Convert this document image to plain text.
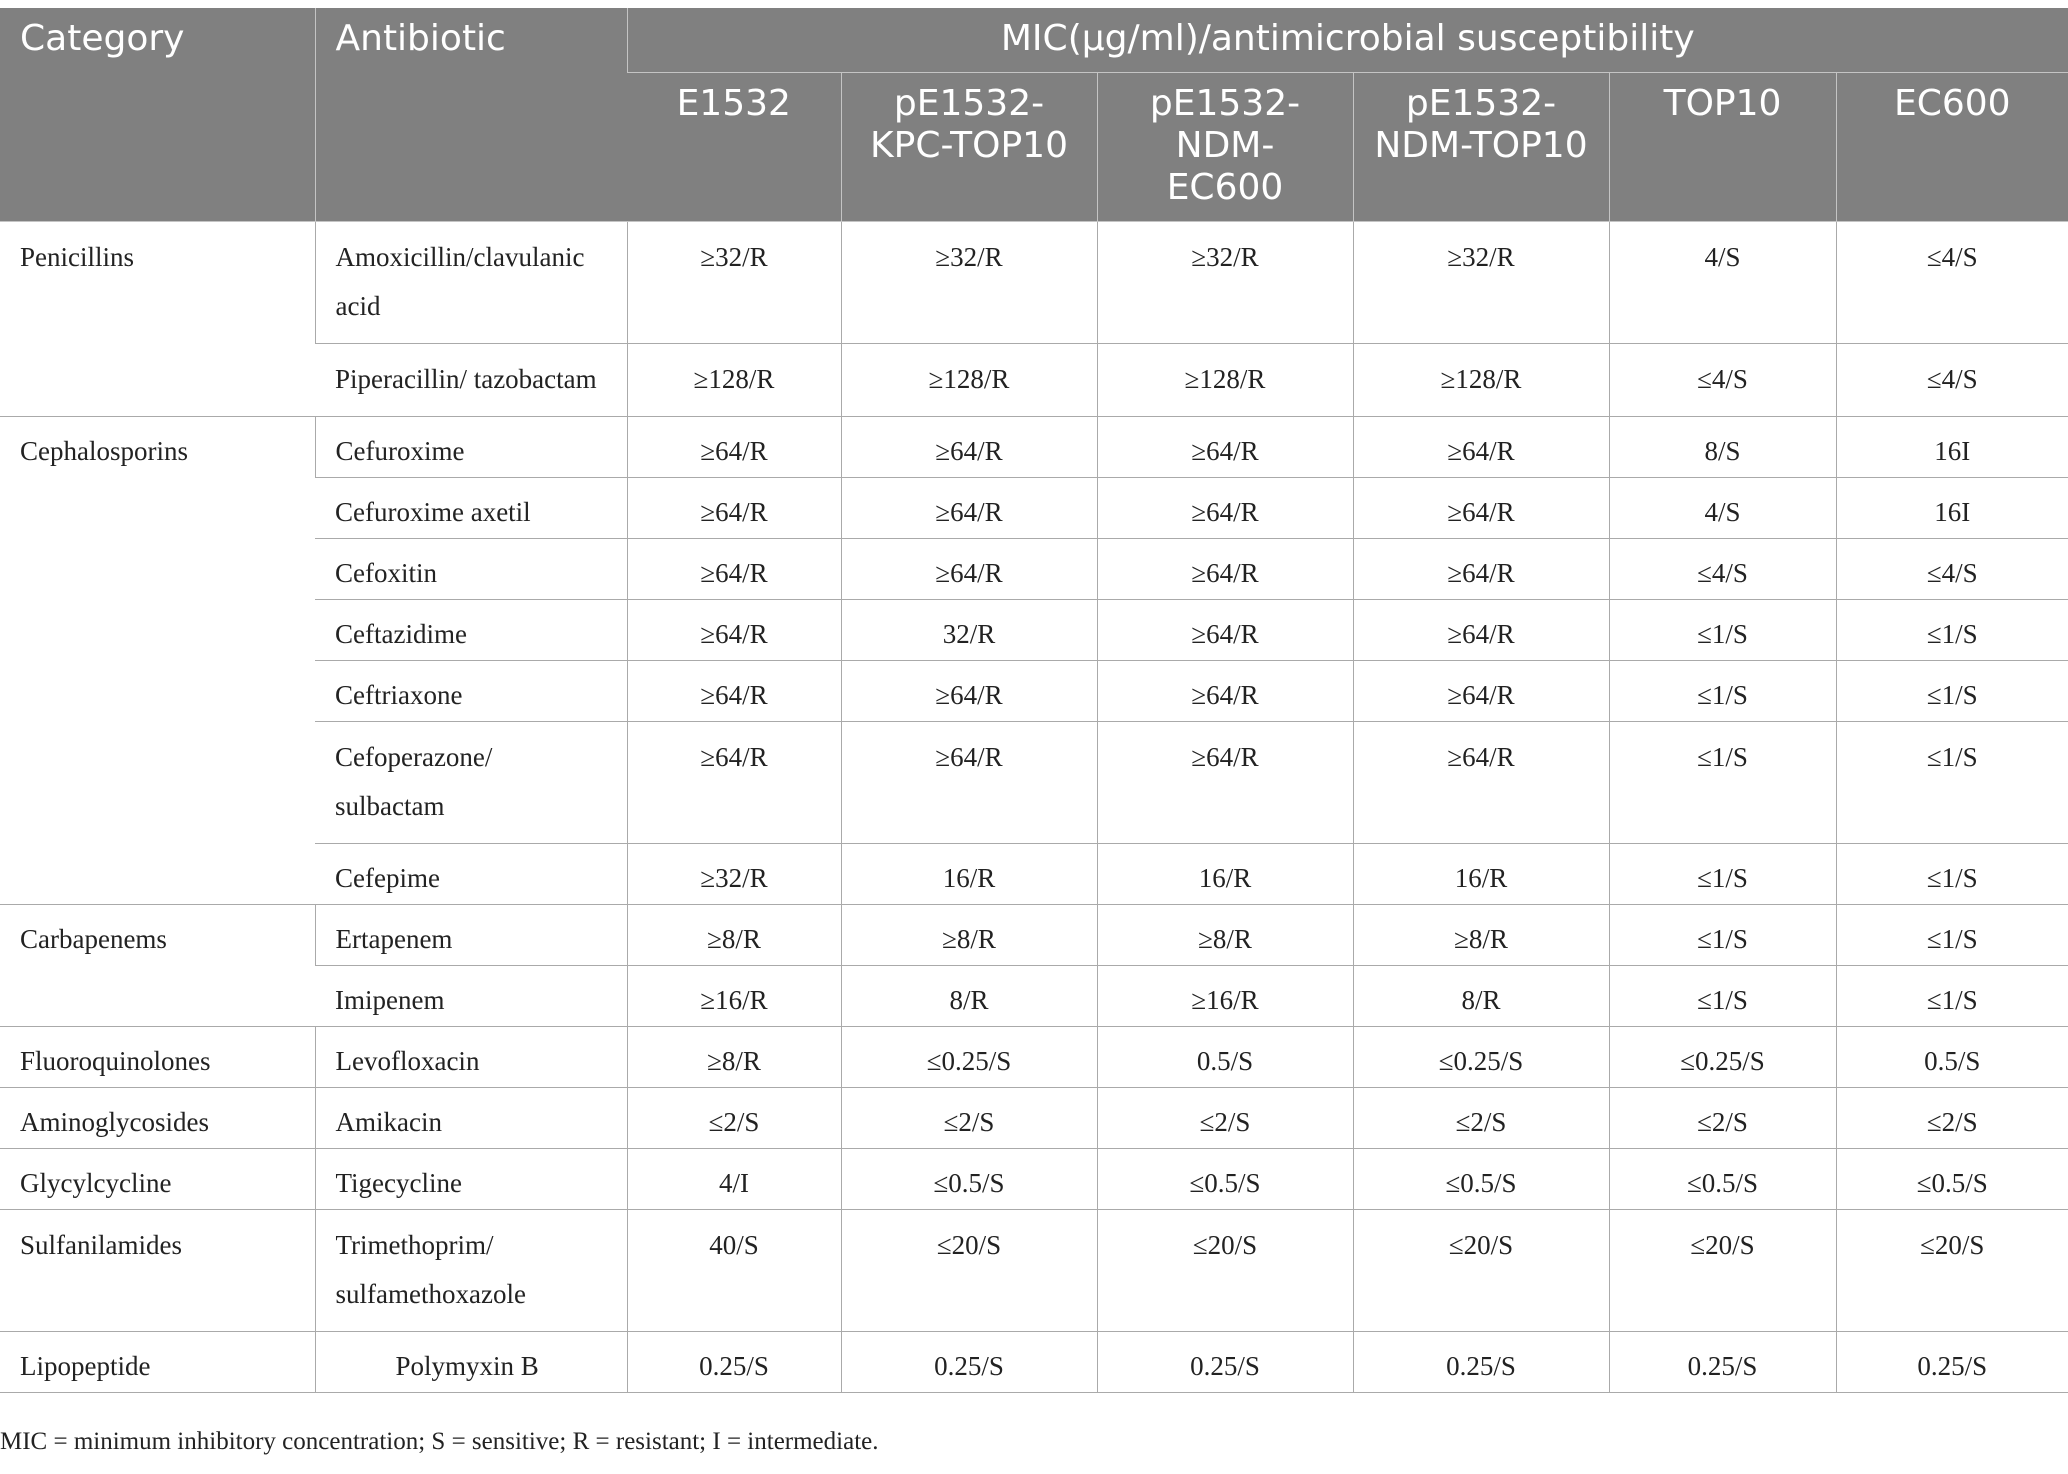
Category	Antibiotic	MIC(µg/ml)/antimicrobial susceptibility					
		E1532	pE1532-KPC-TOP10	pE1532-NDM-EC600	pE1532-NDM-TOP10	TOP10	EC600
Penicillins	Amoxicillin/clavulanic acid	≥32/R	≥32/R	≥32/R	≥32/R	4/S	≤4/S
	Piperacillin/ tazobactam	≥128/R	≥128/R	≥128/R	≥128/R	≤4/S	≤4/S
Cephalosporins	Cefuroxime	≥64/R	≥64/R	≥64/R	≥64/R	8/S	16I
	Cefuroxime axetil	≥64/R	≥64/R	≥64/R	≥64/R	4/S	16I
	Cefoxitin	≥64/R	≥64/R	≥64/R	≥64/R	≤4/S	≤4/S
	Ceftazidime	≥64/R	32/R	≥64/R	≥64/R	≤1/S	≤1/S
	Ceftriaxone	≥64/R	≥64/R	≥64/R	≥64/R	≤1/S	≤1/S
	Cefoperazone/ sulbactam	≥64/R	≥64/R	≥64/R	≥64/R	≤1/S	≤1/S
	Cefepime	≥32/R	16/R	16/R	16/R	≤1/S	≤1/S
Carbapenems	Ertapenem	≥8/R	≥8/R	≥8/R	≥8/R	≤1/S	≤1/S
	Imipenem	≥16/R	8/R	≥16/R	8/R	≤1/S	≤1/S
Fluoroquinolones	Levofloxacin	≥8/R	≤0.25/S	0.5/S	≤0.25/S	≤0.25/S	0.5/S
Aminoglycosides	Amikacin	≤2/S	≤2/S	≤2/S	≤2/S	≤2/S	≤2/S
Glycylcycline	Tigecycline	4/I	≤0.5/S	≤0.5/S	≤0.5/S	≤0.5/S	≤0.5/S
Sulfanilamides	Trimethoprim/ sulfamethoxazole	40/S	≤20/S	≤20/S	≤20/S	≤20/S	≤20/S
Lipopeptide	Polymyxin B	0.25/S	0.25/S	0.25/S	0.25/S	0.25/S	0.25/S
MIC = minimum inhibitory concentration; S = sensitive; R = resistant; I = intermediate.
